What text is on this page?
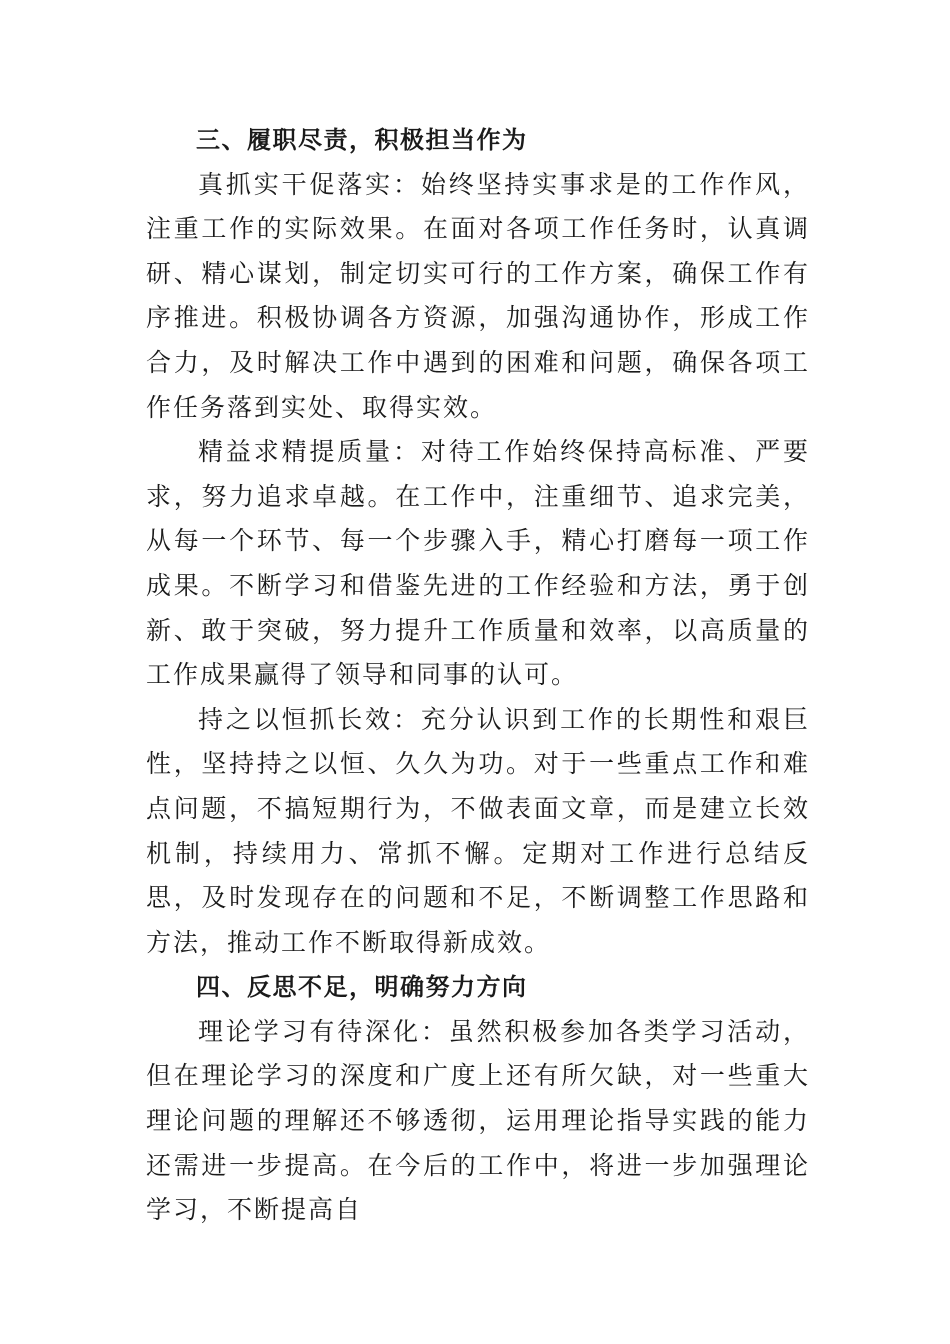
三、履职尽责，积极担当作为

真抓实干促落实：始终坚持实事求是的工作作风，注重工作的实际效果。在面对各项工作任务时，认真调研、精心谋划，制定切实可行的工作方案，确保工作有序推进。积极协调各方资源，加强沟通协作，形成工作合力，及时解决工作中遇到的困难和问题，确保各项工作任务落到实处、取得实效。

精益求精提质量：对待工作始终保持高标准、严要求，努力追求卓越。在工作中，注重细节、追求完美，从每一个环节、每一个步骤入手，精心打磨每一项工作成果。不断学习和借鉴先进的工作经验和方法，勇于创新、敢于突破，努力提升工作质量和效率，以高质量的工作成果赢得了领导和同事的认可。

持之以恒抓长效：充分认识到工作的长期性和艰巨性，坚持持之以恒、久久为功。对于一些重点工作和难点问题，不搞短期行为，不做表面文章，而是建立长效机制，持续用力、常抓不懈。定期对工作进行总结反思，及时发现存在的问题和不足，不断调整工作思路和方法，推动工作不断取得新成效。

四、反思不足，明确努力方向

理论学习有待深化：虽然积极参加各类学习活动，但在理论学习的深度和广度上还有所欠缺，对一些重大理论问题的理解还不够透彻，运用理论指导实践的能力还需进一步提高。在今后的工作中，将进一步加强理论学习，不断提高自
